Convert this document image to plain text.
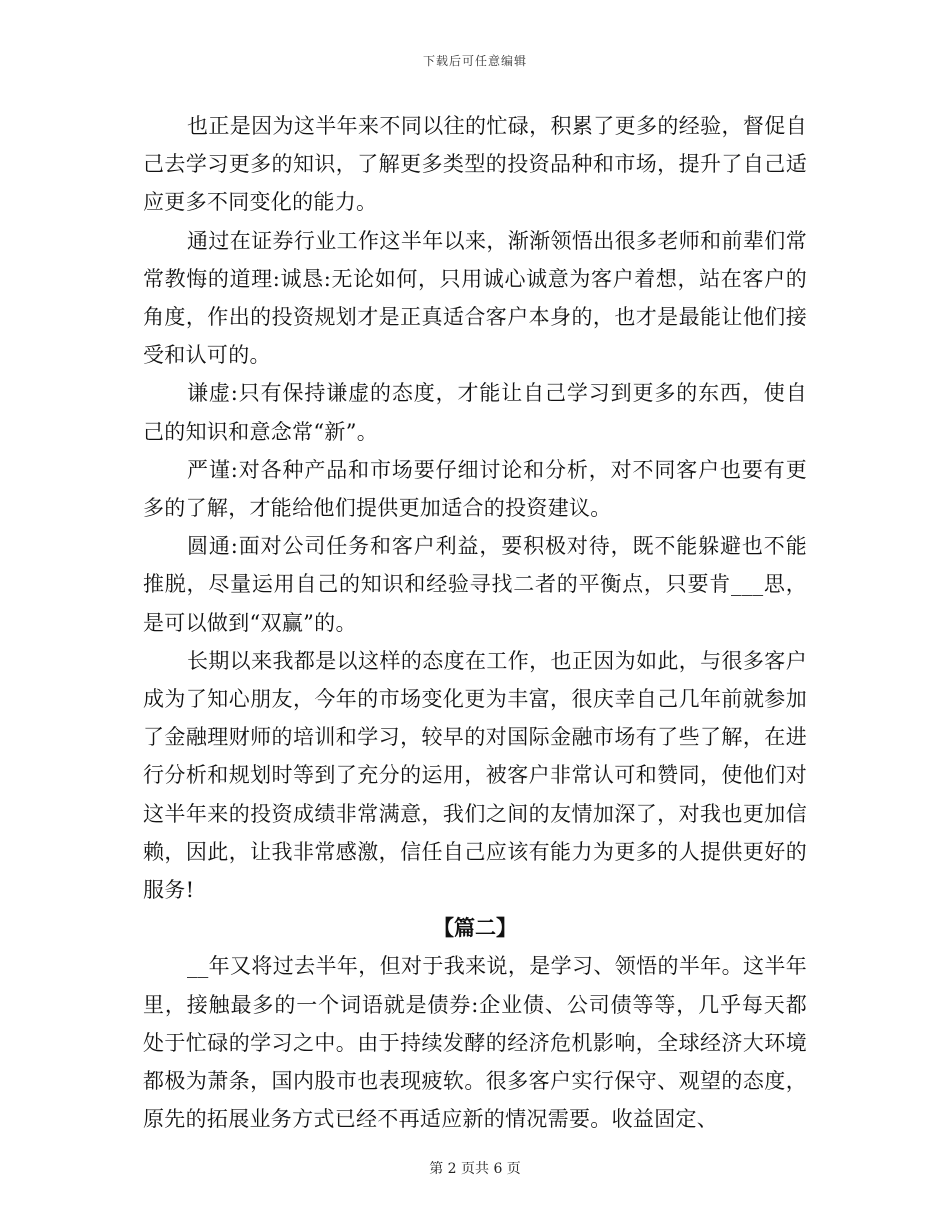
下载后可任意编辑

也正是因为这半年来不同以往的忙碌，积累了更多的经验，督促自己去学习更多的知识，了解更多类型的投资品种和市场，提升了自己适应更多不同变化的能力。

通过在证券行业工作这半年以来，渐渐领悟出很多老师和前辈们常常教悔的道理:诚恳:无论如何，只用诚心诚意为客户着想，站在客户的角度，作出的投资规划才是正真适合客户本身的，也才是最能让他们接受和认可的。

谦虚:只有保持谦虚的态度，才能让自己学习到更多的东西，使自己的知识和意念常“新”。

严谨:对各种产品和市场要仔细讨论和分析，对不同客户也要有更多的了解，才能给他们提供更加适合的投资建议。

圆通:面对公司任务和客户利益，要积极对待，既不能躲避也不能推脱，尽量运用自己的知识和经验寻找二者的平衡点，只要肯___思，是可以做到“双赢”的。

长期以来我都是以这样的态度在工作，也正因为如此，与很多客户成为了知心朋友，今年的市场变化更为丰富，很庆幸自己几年前就参加了金融理财师的培训和学习，较早的对国际金融市场有了些了解，在进行分析和规划时等到了充分的运用，被客户非常认可和赞同，使他们对这半年来的投资成绩非常满意，我们之间的友情加深了，对我也更加信赖，因此，让我非常感激，信任自己应该有能力为更多的人提供更好的服务!

【篇二】

__年又将过去半年，但对于我来说，是学习、领悟的半年。这半年里，接触最多的一个词语就是债券:企业债、公司债等等，几乎每天都处于忙碌的学习之中。由于持续发酵的经济危机影响，全球经济大环境都极为萧条，国内股市也表现疲软。很多客户实行保守、观望的态度，原先的拓展业务方式已经不再适应新的情况需要。收益固定、

第 2 页共 6 页
